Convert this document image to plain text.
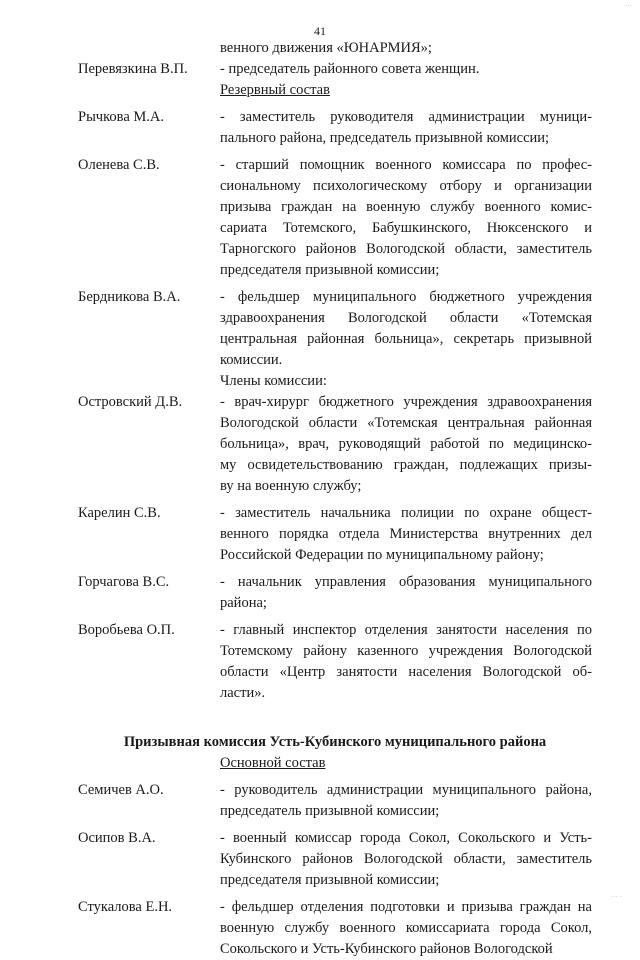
···
41
венного движения «ЮНАРМИЯ»;
Перевязкина В.П. - председатель районного совета женщин.
Резервный состав
Рычкова М.А.	- заместитель руководителя администрации муници-
пального района, председатель призывной комиссии;
Оленева С.В.	- старший помощник военного комиссара по профес-
сиональному психологическому отбору и организации
призыва граждан на военную службу военного комис-
сариата Тотемского, Бабушкинского, Нюксенского и
Тарногского районов Вологодской области, заместитель
председателя призывной комиссии;
Бердникова В.А.	- фельдшер муниципального бюджетного учреждения
здравоохранения Вологодской области «Тотемская
центральная районная больница», секретарь призывной
комиссии.
Члены комиссии:
Островский Д.В.	- врач-хирург бюджетного учреждения здравоохранения
Вологодской области «Тотемская центральная районная
больница», врач, руководящий работой по медицинско-
му освидетельствованию граждан, подлежащих призы-
ву на военную службу;
Карелин С.В.	- заместитель начальника полиции по охране общест-
венного порядка отдела Министерства внутренних дел
Российской Федерации по муниципальному району;
Горчагова В.С.	- начальник управления образования муниципального
района;
Воробьева О.П.	- главный инспектор отделения занятости населения по
Тотемскому району казенного учреждения Вологодской
области «Центр занятости населения Вологодской об-
ласти».
Призывная комиссия Усть-Кубинского муниципального района
Основной состав
Семичев А.О.	- руководитель администрации муниципального района,
председатель призывной комиссии;
Осипов В.А.	- военный комиссар города Сокол, Сокольского и Усть-
Кубинского районов Вологодской области, заместитель
председателя призывной комиссии;
Стукалова Е.Н.	- фельдшер отделения подготовки и призыва граждан на
военную службу военного комиссариата города Сокол,
Сокольского и Усть-Кубинского районов Вологодской
··· ·
